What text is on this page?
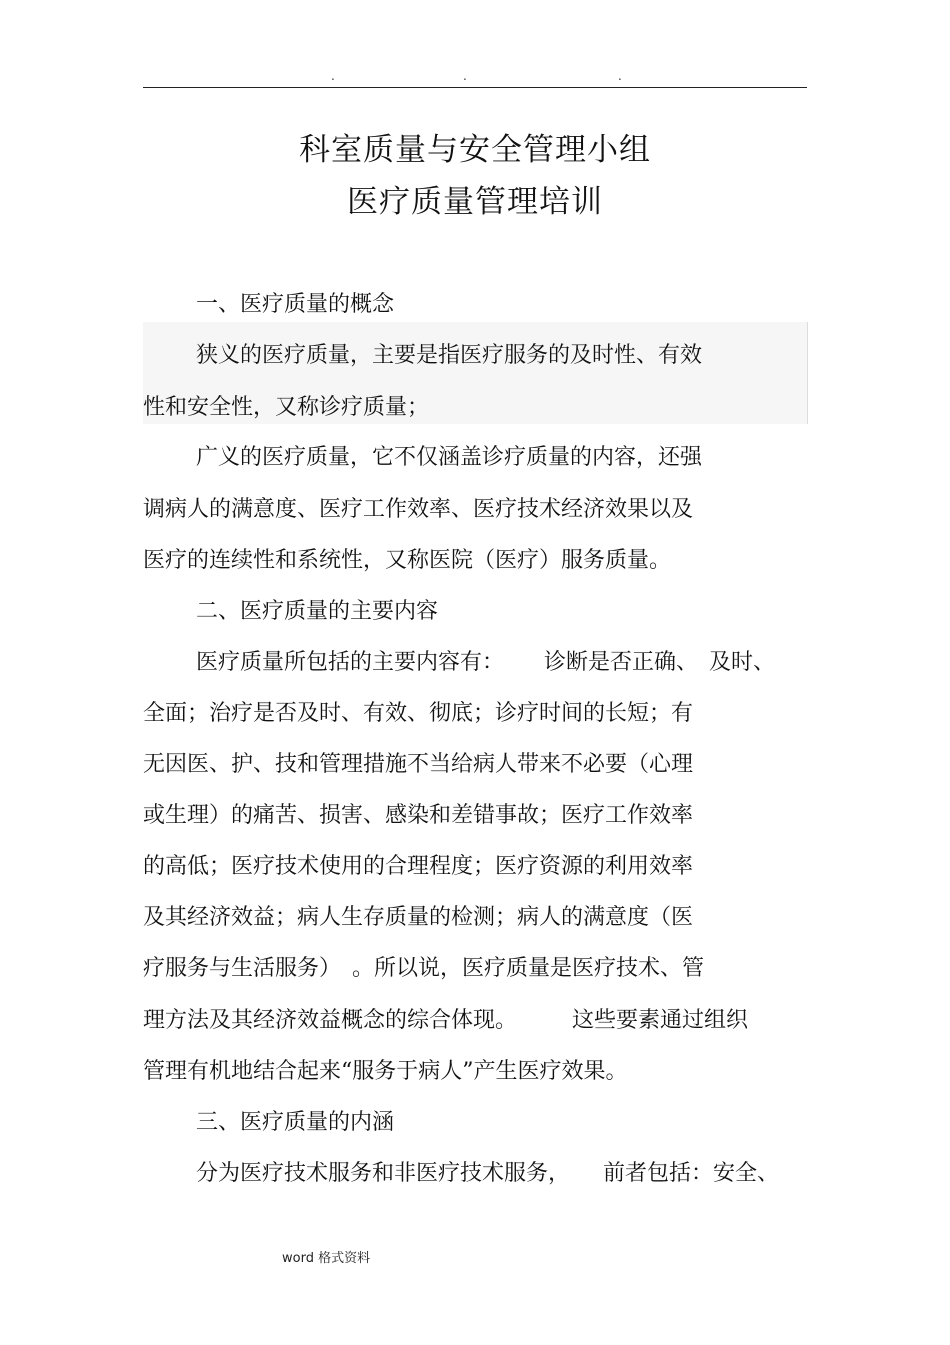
.	.	.
科室质量与安全管理小组
医疗质量管理培训
一、医疗质量的概念
狭义的医疗质量，主要是指医疗服务的及时性、有效
性和安全性，又称诊疗质量；
广义的医疗质量，它不仅涵盖诊疗质量的内容，还强
调病人的满意度、医疗工作效率、医疗技术经济效果以及
医疗的连续性和系统性，又称医院（医疗）服务质量。
二、医疗质量的主要内容
医疗质量所包括的主要内容有：　　 诊断是否正确、　及时、
全面；治疗是否及时、有效、彻底；诊疗时间的长短；有
无因医、护、技和管理措施不当给病人带来不必要（心理
或生理）的痛苦、损害、感染和差错事故；医疗工作效率
的高低；医疗技术使用的合理程度；医疗资源的利用效率
及其经济效益；病人生存质量的检测；病人的满意度（医
疗服务与生活服务）　。所以说，医疗质量是医疗技术、管
理方法及其经济效益概念的综合体现。　　　这些要素通过组织
管理有机地结合起来“服务于病人”产生医疗效果。
三、医疗质量的内涵
分为医疗技术服务和非医疗技术服务，　　前者包括：安全、
word 格式资料
